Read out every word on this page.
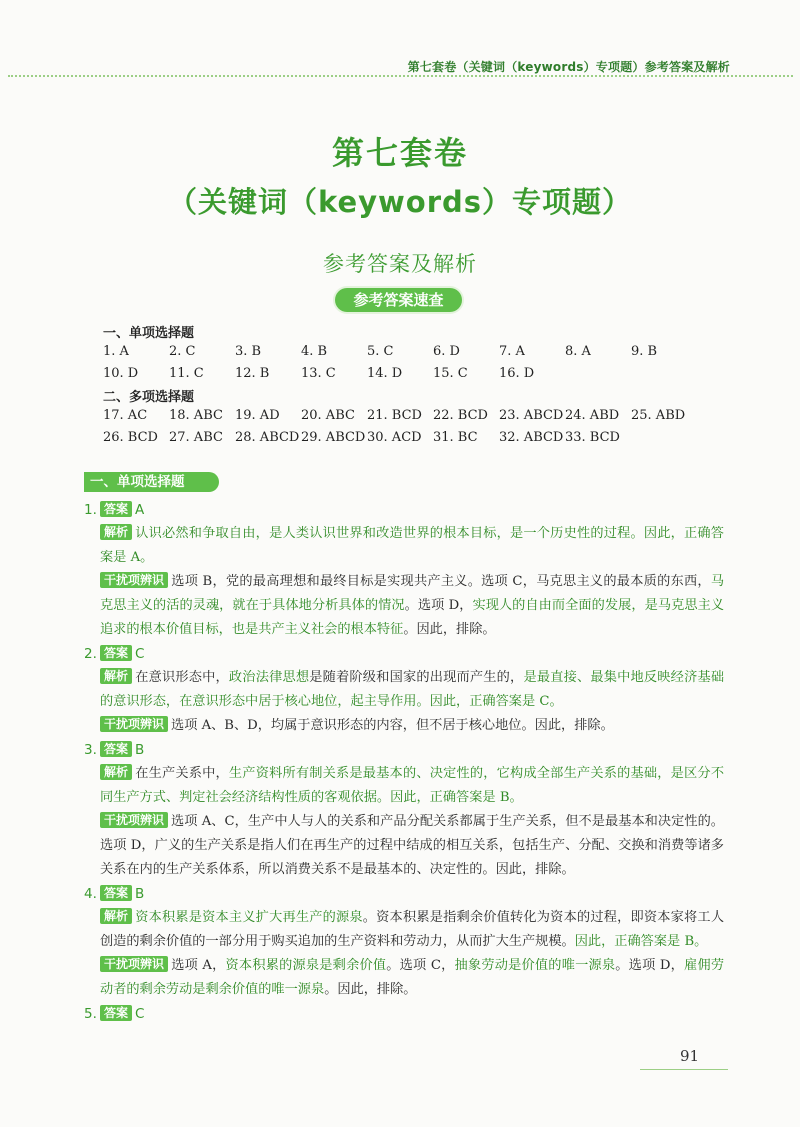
第七套卷（关键词（keywords）专项题）参考答案及解析
第七套卷
（关键词（keywords）专项题）
参考答案及解析
参考答案速查
一、单项选择题
1. A	2. C	3. B	4. B	5. C	6. D	7. A	8. A	9. B
10. D	11. C	12. B	13. C	14. D	15. C	16. D
二、多项选择题
17. AC	18. ABC 19. AD	20. ABC 21. BCD 22. BCD 23. ABCD 24. ABD 25. ABD
26. BCD 27. ABC 28. ABCD 29. ABCD 30. ACD 31. BC	32. ABCD 33. BCD
一、单项选择题
1. 答案 A
解析 认识必然和争取自由，是人类认识世界和改造世界的根本目标，是一个历史性的过程。因此，正确答案是 A。
干扰项辨识 选项 B，党的最高理想和最终目标是实现共产主义。选项 C，马克思主义的最本质的东西，马克思主义的活的灵魂，就在于具体地分析具体的情况。选项 D，实现人的自由而全面的发展，是马克思主义追求的根本价值目标，也是共产主义社会的根本特征。因此，排除。
2. 答案 C
解析 在意识形态中，政治法律思想是随着阶级和国家的出现而产生的，是最直接、最集中地反映经济基础的意识形态，在意识形态中居于核心地位，起主导作用。因此，正确答案是 C。
干扰项辨识 选项 A、B、D，均属于意识形态的内容，但不居于核心地位。因此，排除。
3. 答案 B
解析 在生产关系中，生产资料所有制关系是最基本的、决定性的，它构成全部生产关系的基础，是区分不同生产方式、判定社会经济结构性质的客观依据。因此，正确答案是 B。
干扰项辨识 选项 A、C，生产中人与人的关系和产品分配关系都属于生产关系，但不是最基本和决定性的。选项 D，广义的生产关系是指人们在再生产的过程中结成的相互关系，包括生产、分配、交换和消费等诸多关系在内的生产关系体系，所以消费关系不是最基本的、决定性的。因此，排除。
4. 答案 B
解析 资本积累是资本主义扩大再生产的源泉。资本积累是指剩余价值转化为资本的过程，即资本家将工人创造的剩余价值的一部分用于购买追加的生产资料和劳动力，从而扩大生产规模。因此，正确答案是 B。
干扰项辨识 选项 A，资本积累的源泉是剩余价值。选项 C，抽象劳动是价值的唯一源泉。选项 D，雇佣劳动者的剩余劳动是剩余价值的唯一源泉。因此，排除。
5. 答案 C
91
